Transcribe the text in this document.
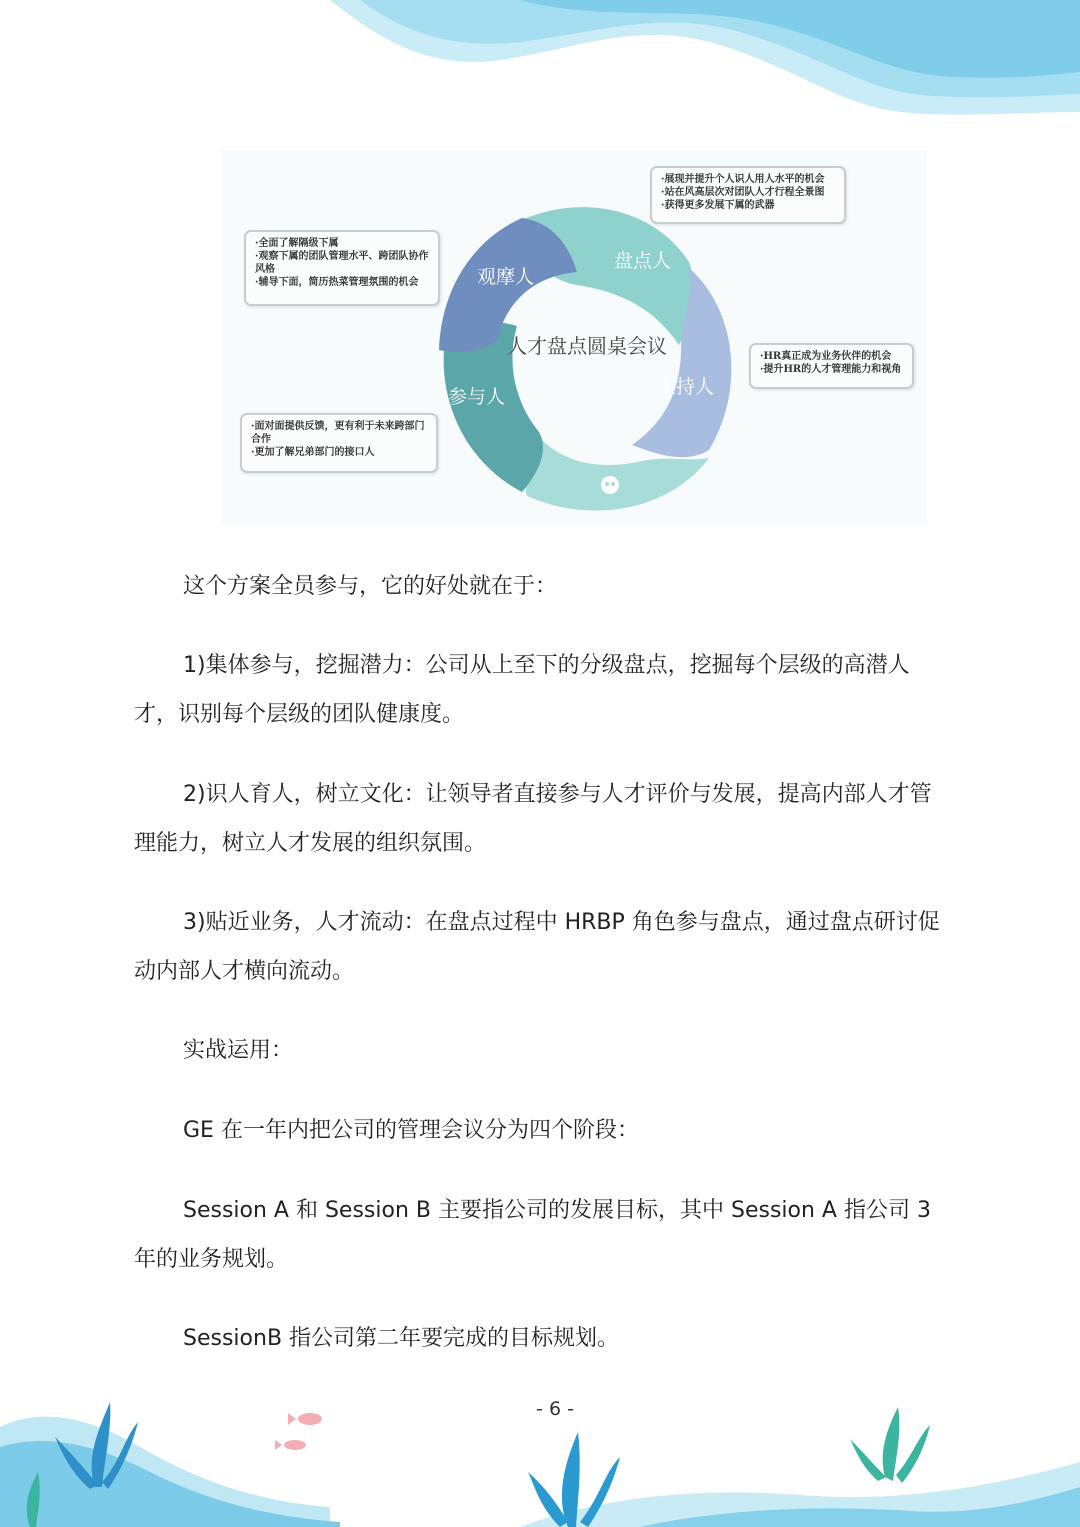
·展现并提升个人识人用人水平的机会
·站在风高层次对团队人才行程全景图
·获得更多发展下属的武器
·全面了解隔级下属
·观察下属的团队管理水平、跨团队协作风格
·辅导下面，简历热菜管理氛围的机会
·HR真正成为业务伙伴的机会
·提升HR的人才管理能力和视角
·面对面提供反馈，更有利于未来跨部门合作
·更加了解兄弟部门的接口人
盘点人
主持人
参与人
观摩人
人才盘点圆桌会议

这个方案全员参与，它的好处就在于：

1)集体参与，挖掘潜力：公司从上至下的分级盘点，挖掘每个层级的高潜人才，识别每个层级的团队健康度。

2)识人育人，树立文化：让领导者直接参与人才评价与发展，提高内部人才管理能力，树立人才发展的组织氛围。

3)贴近业务，人才流动：在盘点过程中 HRBP 角色参与盘点，通过盘点研讨促动内部人才横向流动。

实战运用：

GE 在一年内把公司的管理会议分为四个阶段：

Session A 和 Session B 主要指公司的发展目标，其中 Session A 指公司 3 年的业务规划。

SessionB 指公司第二年要完成的目标规划。

- 6 -
